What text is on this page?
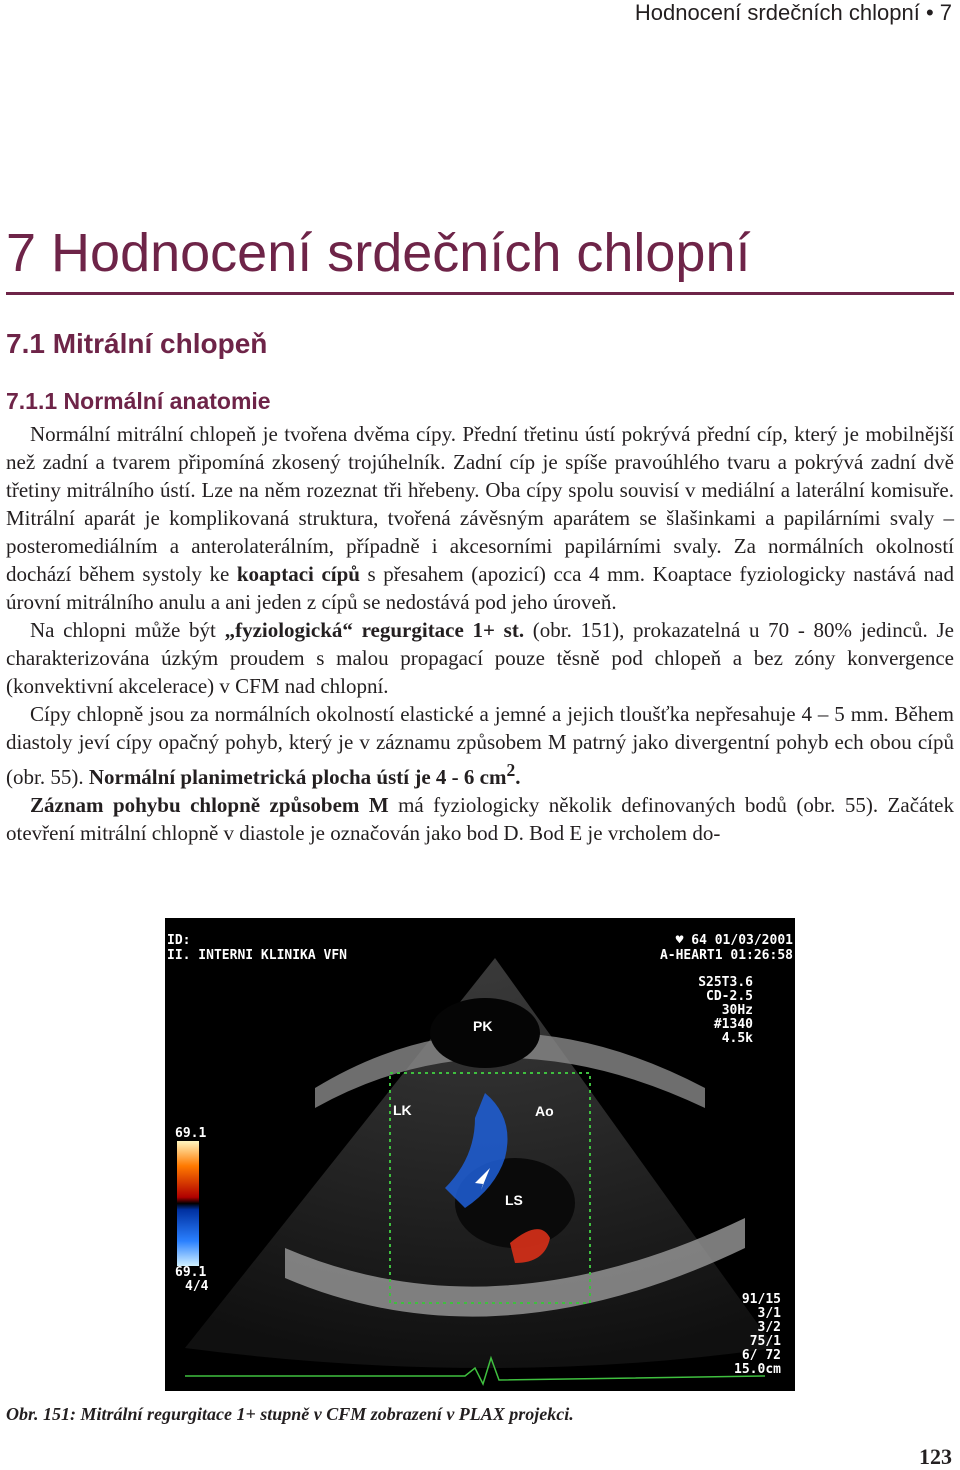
Hodnocení srdečních chlopní • 7
7 Hodnocení srdečních chlopní
7.1 Mitrální chlopeň
7.1.1 Normální anatomie

Normální mitrální chlopeň je tvořena dvěma cípy. Přední třetinu ústí pokrývá přední cíp, který je mobilnější než zadní a tvarem připomíná zkosený trojúhelník. Zadní cíp je spíše pravoúhlého tvaru a pokrývá zadní dvě třetiny mitrálního ústí. Lze na něm rozeznat tři hřebeny. Oba cípy spolu souvisí v mediální a laterální komisuře. Mitrální aparát je komplikovaná struktura, tvořená závěsným aparátem se šlašinkami a papilárními svaly – posteromediálním a anterolaterálním, případně i akcesorními papilárními svaly. Za normálních okolností dochází během systoly ke koaptaci cípů s přesahem (apozicí) cca 4 mm. Koaptace fyziologicky nastává nad úrovní mitrálního anulu a ani jeden z cípů se nedostává pod jeho úroveň.

Na chlopni může být „fyziologická“ regurgitace 1+ st. (obr. 151), prokazatelná u 70 - 80% jedinců. Je charakterizována úzkým proudem s malou propagací pouze těsně pod chlopeň a bez zóny konvergence (konvektivní akcelerace) v CFM nad chlopní.

Cípy chlopně jsou za normálních okolností elastické a jemné a jejich tloušťka nepřesahuje 4 – 5 mm. Během diastoly jeví cípy opačný pohyb, který je v záznamu způsobem M patrný jako divergentní pohyb ech obou cípů (obr. 55). Normální planimetrická plocha ústí je 4 - 6 $cm^2$.

Záznam pohybu chlopně způsobem M má fyziologicky několik definovaných bodů (obr. 55). Začátek otevření mitrální chlopně v diastole je označován jako bod D. Bod E je vrcholem do-

ID:
II. INTERNI KLINIKA VFN
♥ 64 01/03/2001
A-HEART1 01:26:58
S25T3.6
CD-2.5
30Hz
#1340
4.5k
69.1
69.1
4/4
91/15
3/1
3/2
75/1
6/ 72
15.0cm
PK
LK	Ao
LS
Obr. 151: Mitrální regurgitace 1+ stupně v CFM zobrazení v PLAX projekci.
123
